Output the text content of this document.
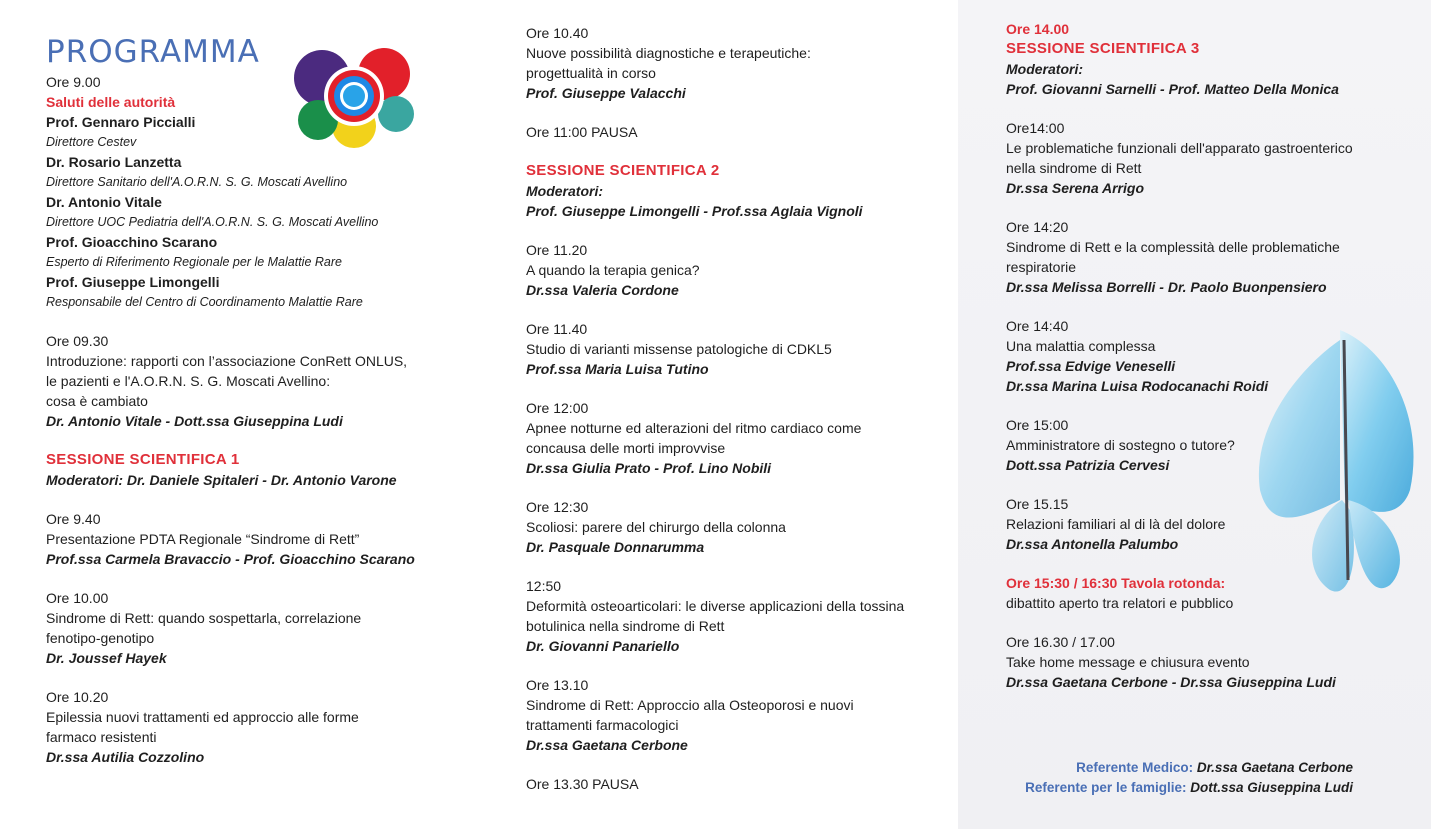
PROGRAMMA
Ore 9.00
Saluti delle autorità
Prof. Gennaro Piccialli
Direttore Cestev
Dr. Rosario Lanzetta
Direttore Sanitario dell'A.O.R.N. S. G. Moscati Avellino
Dr. Antonio Vitale
Direttore UOC Pediatria dell'A.O.R.N. S. G. Moscati Avellino
Prof. Gioacchino Scarano
Esperto di Riferimento Regionale per le Malattie Rare
Prof. Giuseppe Limongelli
Responsabile del Centro di Coordinamento Malattie Rare
Ore 09.30
Introduzione: rapporti con l’associazione ConRett ONLUS,
le pazienti e l'A.O.R.N. S. G. Moscati Avellino:
cosa è cambiato
Dr. Antonio Vitale - Dott.ssa Giuseppina Ludi
SESSIONE SCIENTIFICA 1
Moderatori: Dr. Daniele Spitaleri - Dr. Antonio Varone
Ore 9.40
Presentazione PDTA Regionale “Sindrome di Rett”
Prof.ssa Carmela Bravaccio - Prof. Gioacchino Scarano
Ore 10.00
Sindrome di Rett: quando sospettarla, correlazione
fenotipo-genotipo
Dr. Joussef Hayek
Ore 10.20
Epilessia nuovi trattamenti ed approccio alle forme
farmaco resistenti
Dr.ssa Autilia Cozzolino
Ore 10.40
Nuove possibilità diagnostiche e terapeutiche:
progettualità in corso
Prof. Giuseppe Valacchi
Ore 11:00 PAUSA
SESSIONE SCIENTIFICA 2
Moderatori:
Prof. Giuseppe Limongelli - Prof.ssa Aglaia Vignoli
Ore 11.20
A quando la terapia genica?
Dr.ssa Valeria Cordone
Ore 11.40
Studio di varianti missense patologiche di CDKL5
Prof.ssa Maria Luisa Tutino
Ore 12:00
Apnee notturne ed alterazioni del ritmo cardiaco come
concausa delle morti improvvise
Dr.ssa Giulia Prato - Prof. Lino Nobili
Ore 12:30
Scoliosi: parere del chirurgo della colonna
Dr. Pasquale Donnarumma
12:50
Deformità osteoarticolari: le diverse applicazioni della tossina
botulinica nella sindrome di Rett
Dr. Giovanni Panariello
Ore 13.10
Sindrome di Rett: Approccio alla Osteoporosi e nuovi
trattamenti farmacologici
Dr.ssa Gaetana Cerbone
Ore 13.30 PAUSA
Ore 14.00
SESSIONE SCIENTIFICA 3
Moderatori:
Prof. Giovanni Sarnelli - Prof. Matteo Della Monica
Ore14:00
Le problematiche funzionali dell'apparato gastroenterico
nella sindrome di Rett
Dr.ssa Serena Arrigo
Ore 14:20
Sindrome di Rett e la complessità delle problematiche
respiratorie
Dr.ssa Melissa Borrelli - Dr. Paolo Buonpensiero
Ore 14:40
Una malattia complessa
Prof.ssa Edvige Veneselli
Dr.ssa Marina Luisa Rodocanachi Roidi
Ore 15:00
Amministratore di sostegno o tutore?
Dott.ssa Patrizia Cervesi
Ore 15.15
Relazioni familiari al di là del dolore
Dr.ssa Antonella Palumbo
Ore 15:30 / 16:30 Tavola rotonda:
dibattito aperto tra relatori e pubblico
Ore 16.30 / 17.00
Take home message e chiusura evento
Dr.ssa Gaetana Cerbone - Dr.ssa Giuseppina Ludi
Referente Medico: Dr.ssa Gaetana Cerbone
Referente per le famiglie: Dott.ssa Giuseppina Ludi
